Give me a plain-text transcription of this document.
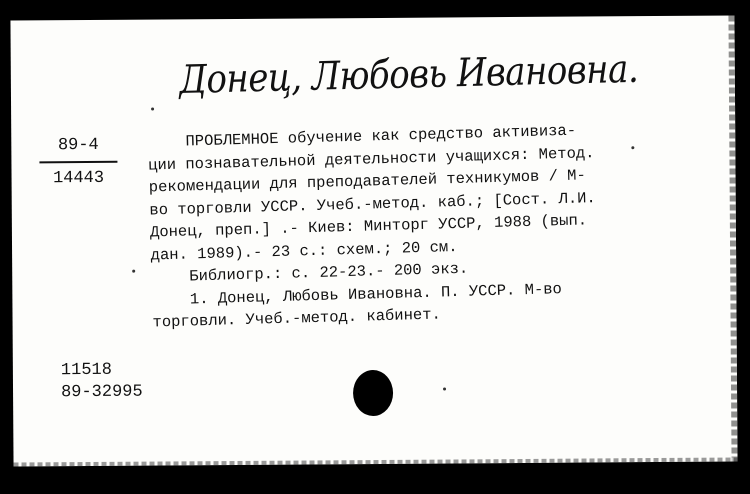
Донец, Любовь Ивановна.
89-4
14443
ПРОБЛЕМНОЕ обучение как средство активиза-
ции познавательной деятельности учащихся: Метод.
рекомендации для преподавателей техникумов / М-
во торговли УССР. Учеб.-метод. каб.; [Сост. Л.И.
Донец, преп.] .- Киев: Минторг УССР, 1988 (вып.
дан. 1989).- 23 с.: схем.; 20 см.
Библиогр.: с. 22-23.- 200 экз.
1. Донец, Любовь Ивановна. П. УССР. М-во
торговли. Учеб.-метод. кабинет.
11518
89-32995
